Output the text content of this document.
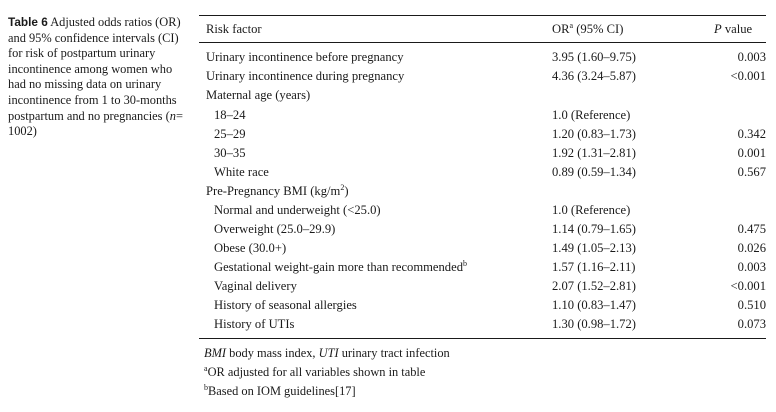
Table 6 Adjusted odds ratios (OR) and 95% confidence intervals (CI) for risk of postpartum urinary incontinence among women who had no missing data on urinary incontinence from 1 to 30-months postpartum and no pregnancies (n= 1002)
Risk factor	$OR^a$ (95% CI)	P value
Urinary incontinence before pregnancy	3.95 (1.60–9.75)	0.003
Urinary incontinence during pregnancy	4.36 (3.24–5.87)	<0.001
Maternal age (years)
18–24	1.0 (Reference)
25–29	1.20 (0.83–1.73)	0.342
30–35	1.92 (1.31–2.81)	0.001
White race	0.89 (0.59–1.34)	0.567
Pre-Pregnancy BMI $(kg/m^2)$
Normal and underweight (<25.0)	1.0 (Reference)
Overweight (25.0–29.9)	1.14 (0.79–1.65)	0.475
Obese (30.0+)	1.49 (1.05–2.13)	0.026
Gestational weight-gain more than recommended$^b$	1.57 (1.16–2.11)	0.003
Vaginal delivery	2.07 (1.52–2.81)	<0.001
History of seasonal allergies	1.10 (0.83–1.47)	0.510
History of UTIs	1.30 (0.98–1.72)	0.073
BMI body mass index, UTI urinary tract infection
$^a$OR adjusted for all variables shown in table
$^b$Based on IOM guidelines[17]
